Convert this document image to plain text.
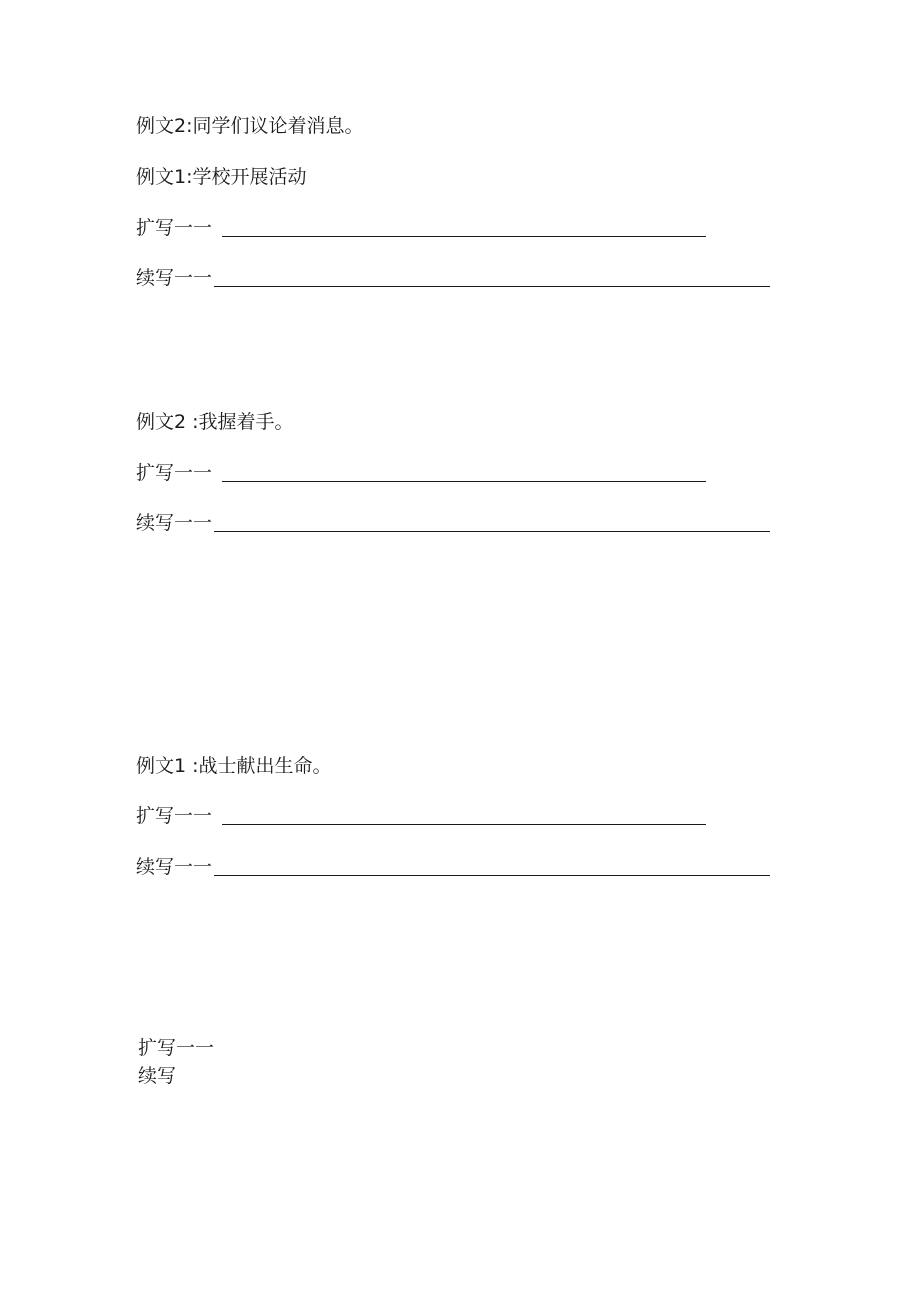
例文2:同学们议论着消息。
例文1:学校开展活动
扩写一一
续写一一
例文2 :我握着手。
扩写一一
续写一一
例文1 :战士献出生命。
扩写一一
续写一一
扩写一一
续写
